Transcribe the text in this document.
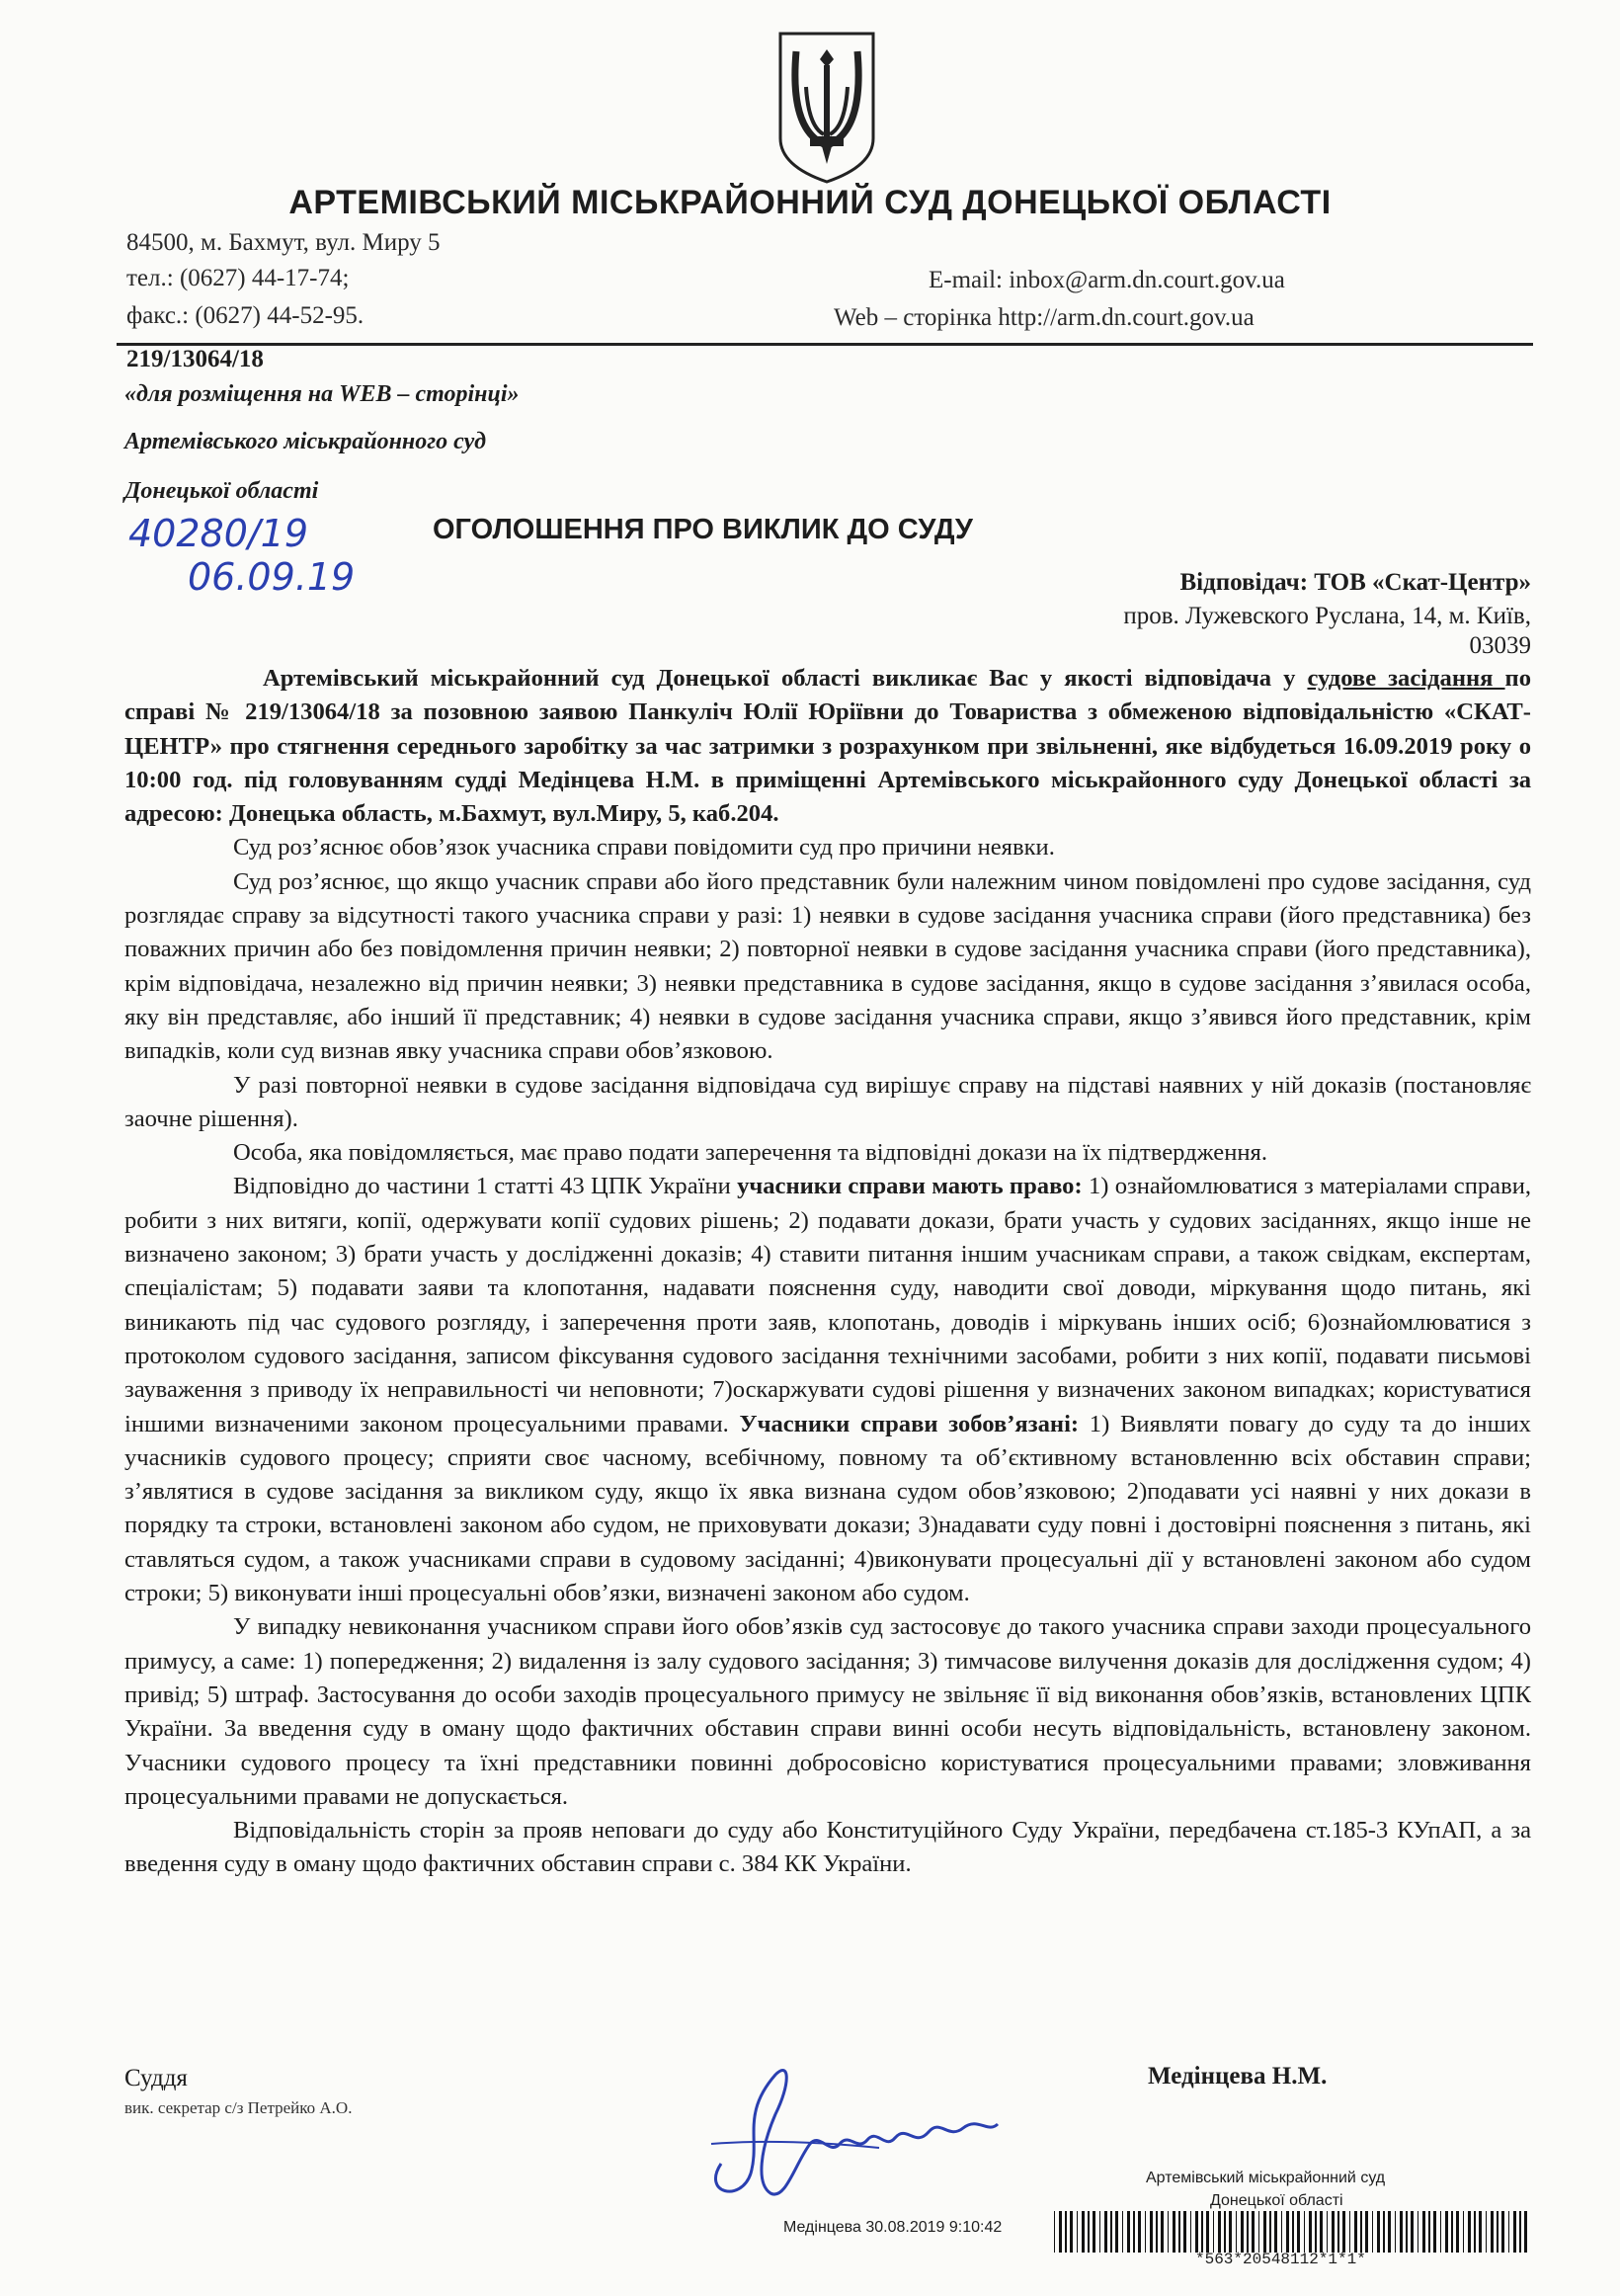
АРТЕМІВСЬКИЙ МІСЬКРАЙОННИЙ СУД ДОНЕЦЬКОЇ ОБЛАСТІ
84500, м. Бахмут, вул. Миру 5
тел.: (0627) 44-17-74;
факс.: (0627) 44-52-95.
E-mail: inbox@arm.dn.court.gov.ua
Web – сторінка http://arm.dn.court.gov.ua
219/13064/18
«для розміщення на WEB – сторінці»
Артемівського міськрайонного суд
Донецької області
40280/19
06.09.19
ОГОЛОШЕННЯ ПРО ВИКЛИК ДО СУДУ
Відповідач: ТОВ «Скат-Центр»
пров. Лужевского Руслана, 14, м. Київ,
03039

Артемівський міськрайонний суд Донецької області викликає Вас у якості відповідача у судове засідання по справі № 219/13064/18 за позовною заявою Панкуліч Юлії Юріївни до Товариства з обмеженою відповідальністю «СКАТ-ЦЕНТР» про стягнення середнього заробітку за час затримки з розрахунком при звільненні, яке відбудеться 16.09.2019 року о 10:00 год. під головуванням судді Медінцева Н.М. в приміщенні Артемівського міськрайонного суду Донецької області за адресою: Донецька область, м.Бахмут, вул.Миру, 5, каб.204.

Суд роз’яснює обов’язок учасника справи повідомити суд про причини неявки.

Суд роз’яснює, що якщо учасник справи або його представник були належним чином повідомлені про судове засідання, суд розглядає справу за відсутності такого учасника справи у разі: 1) неявки в судове засідання учасника справи (його представника) без поважних причин або без повідомлення причин неявки; 2) повторної неявки в судове засідання учасника справи (його представника), крім відповідача, незалежно від причин неявки; 3) неявки представника в судове засідання, якщо в судове засідання з’явилася особа, яку він представляє, або інший її представник; 4) неявки в судове засідання учасника справи, якщо з’явився його представник, крім випадків, коли суд визнав явку учасника справи обов’язковою.

У разі повторної неявки в судове засідання відповідача суд вирішує справу на підставі наявних у ній доказів (постановляє заочне рішення).

Особа, яка повідомляється, має право подати заперечення та відповідні докази на їх підтвердження.

Відповідно до частини 1 статті 43 ЦПК України учасники справи мають право: 1) ознайомлюватися з матеріалами справи, робити з них витяги, копії, одержувати копії судових рішень; 2) подавати докази, брати участь у судових засіданнях, якщо інше не визначено законом; 3) брати участь у дослідженні доказів; 4) ставити питання іншим учасникам справи, а також свідкам, експертам, спеціалістам; 5) подавати заяви та клопотання, надавати пояснення суду, наводити свої доводи, міркування щодо питань, які виникають під час судового розгляду, і заперечення проти заяв, клопотань, доводів і міркувань інших осіб; 6)ознайомлюватися з протоколом судового засідання, записом фіксування судового засідання технічними засобами, робити з них копії, подавати письмові зауваження з приводу їх неправильності чи неповноти; 7)оскаржувати судові рішення у визначених законом випадках; користуватися іншими визначеними законом процесуальними правами. Учасники справи зобов’язані: 1) Виявляти повагу до суду та до інших учасників судового процесу; сприяти своє часному, всебічному, повному та об’єктивному встановленню всіх обставин справи; з’являтися в судове засідання за викликом суду, якщо їх явка визнана судом обов’язковою; 2)подавати усі наявні у них докази в порядку та строки, встановлені законом або судом, не приховувати докази; 3)надавати суду повні і достовірні пояснення з питань, які ставляться судом, а також учасниками справи в судовому засіданні; 4)виконувати процесуальні дії у встановлені законом або судом строки; 5) виконувати інші процесуальні обов’язки, визначені законом або судом.

У випадку невиконання учасником справи його обов’язків суд застосовує до такого учасника справи заходи процесуального примусу, а саме: 1) попередження; 2) видалення із залу судового засідання; 3) тимчасове вилучення доказів для дослідження судом; 4) привід; 5) штраф. Застосування до особи заходів процесуального примусу не звільняє її від виконання обов’язків, встановлених ЦПК України. За введення суду в оману щодо фактичних обставин справи винні особи несуть відповідальність, встановлену законом. Учасники судового процесу та їхні представники повинні добросовісно користуватися процесуальними правами; зловживання процесуальними правами не допускається.

Відповідальність сторін за прояв неповаги до суду або Конституційного Суду України, передбачена ст.185-3 КУпАП, а за введення суду в оману щодо фактичних обставин справи с. 384 КК України.

Суддя
вик. секретар с/з Петрейко А.О.
Медінцева Н.М.
Артемівський міськрайонний суд
Донецької області
Медінцева 30.08.2019 9:10:42
*563*20548112*1*1*
